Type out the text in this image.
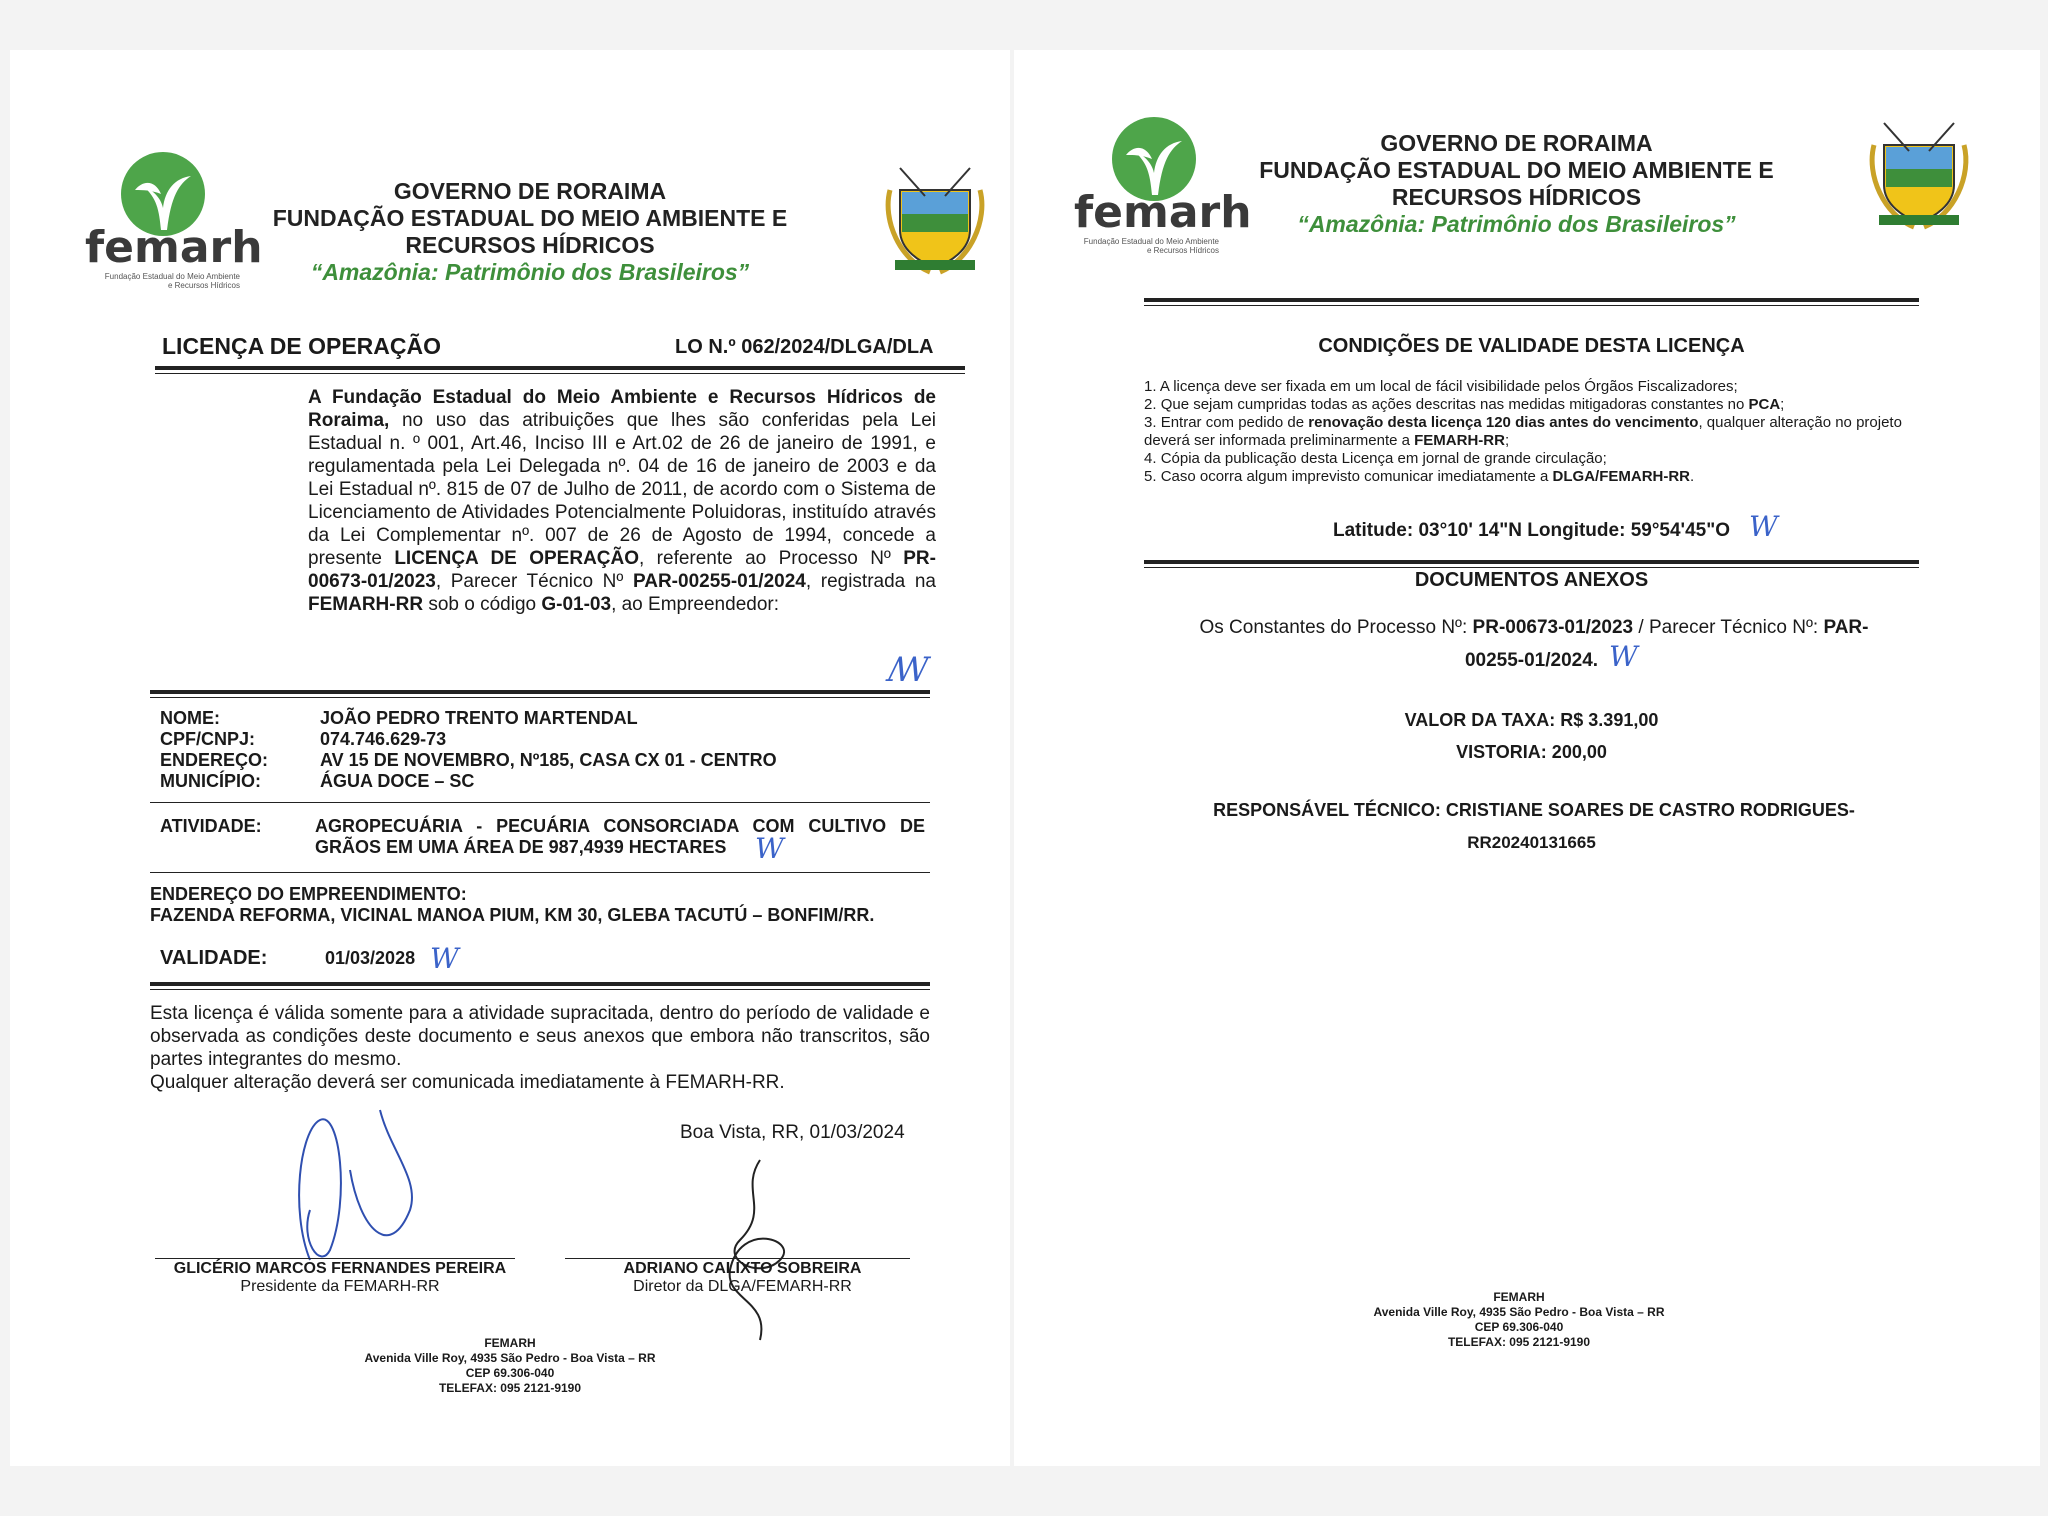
femarh
Fundação Estadual do Meio Ambiente
e Recursos Hídricos
GOVERNO DE RORAIMA
FUNDAÇÃO ESTADUAL DO MEIO AMBIENTE E
RECURSOS HÍDRICOS
“Amazônia: Patrimônio dos Brasileiros”
LICENÇA DE OPERAÇÃO	LO N.º 062/2024/DLGA/DLA
A Fundação Estadual do Meio Ambiente e Recursos Hídricos de Roraima, no uso das atribuições que lhes são conferidas pela Lei Estadual n. º 001, Art.46, Inciso III e Art.02 de 26 de janeiro de 1991, e regulamentada pela Lei Delegada nº. 04 de 16 de janeiro de 2003 e da Lei Estadual nº. 815 de 07 de Julho de 2011, de acordo com o Sistema de Licenciamento de Atividades Potencialmente Poluidoras, instituído através da Lei Complementar nº. 007 de 26 de Agosto de 1994, concede a presente LICENÇA DE OPERAÇÃO, referente ao Processo Nº PR-00673-01/2023, Parecer Técnico Nº PAR-00255-01/2024, registrada na FEMARH-RR sob o código G-01-03, ao Empreendedor:
ꟿ
NOME:	JOÃO PEDRO TRENTO MARTENDAL
CPF/CNPJ:	074.746.629-73
ENDEREÇO:	AV 15 DE NOVEMBRO, Nº185, CASA CX 01 - CENTRO
MUNICÍPIO:	ÁGUA DOCE – SC
ATIVIDADE:	AGROPECUÁRIA - PECUÁRIA CONSORCIADA COM CULTIVO DE GRÃOS EM UMA ÁREA DE 987,4939 HECTARES	W
ENDEREÇO DO EMPREENDIMENTO:
FAZENDA REFORMA, VICINAL MANOA PIUM, KM 30, GLEBA TACUTÚ – BONFIM/RR.
VALIDADE:	01/03/2028 W
Esta licença é válida somente para a atividade supracitada, dentro do período de validade e observada as condições deste documento e seus anexos que embora não transcritos, são partes integrantes do mesmo.
Qualquer alteração deverá ser comunicada imediatamente à FEMARH-RR.
Boa Vista, RR, 01/03/2024
GLICÉRIO MARCOS FERNANDES PEREIRA
Presidente da FEMARH-RR
ADRIANO CALIXTO SOBREIRA
Diretor da DLGA/FEMARH-RR
FEMARH
Avenida Ville Roy, 4935 São Pedro - Boa Vista – RR
CEP 69.306-040
TELEFAX: 095 2121-9190
femarh
Fundação Estadual do Meio Ambiente
e Recursos Hídricos
GOVERNO DE RORAIMA
FUNDAÇÃO ESTADUAL DO MEIO AMBIENTE E
RECURSOS HÍDRICOS
“Amazônia: Patrimônio dos Brasileiros”
CONDIÇÕES DE VALIDADE DESTA LICENÇA
1. A licença deve ser fixada em um local de fácil visibilidade pelos Órgãos Fiscalizadores;
2. Que sejam cumpridas todas as ações descritas nas medidas mitigadoras constantes no PCA;
3. Entrar com pedido de renovação desta licença 120 dias antes do vencimento, qualquer alteração no projeto deverá ser informada preliminarmente a FEMARH-RR;
4. Cópia da publicação desta Licença em jornal de grande circulação;
5. Caso ocorra algum imprevisto comunicar imediatamente a DLGA/FEMARH-RR.
Latitude: 03°10' 14"N Longitude: 59°54'45"O W
DOCUMENTOS ANEXOS
Os Constantes do Processo Nº: PR-00673-01/2023 / Parecer Técnico Nº: PAR-
00255-01/2024. W
VALOR DA TAXA: R$ 3.391,00
VISTORIA: 200,00
RESPONSÁVEL TÉCNICO: CRISTIANE SOARES DE CASTRO RODRIGUES-
RR20240131665
FEMARH
Avenida Ville Roy, 4935 São Pedro - Boa Vista – RR
CEP 69.306-040
TELEFAX: 095 2121-9190
